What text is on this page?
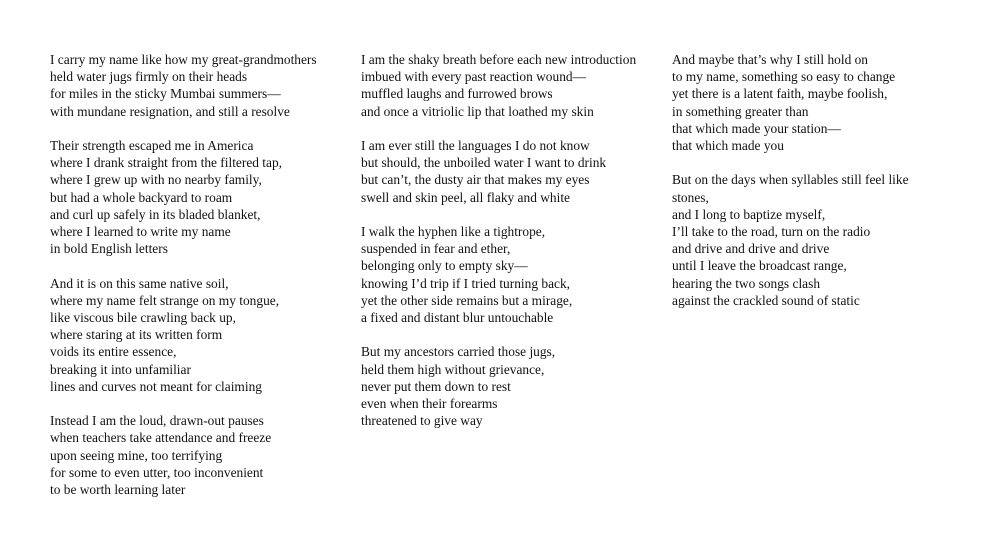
I carry my name like how my great-grandmothers
held water jugs firmly on their heads
for miles in the sticky Mumbai summers—
with mundane resignation, and still a resolve
Their strength escaped me in America
where I drank straight from the filtered tap,
where I grew up with no nearby family,
but had a whole backyard to roam
and curl up safely in its bladed blanket,
where I learned to write my name
in bold English letters
And it is on this same native soil,
where my name felt strange on my tongue,
like viscous bile crawling back up,
where staring at its written form
voids its entire essence,
breaking it into unfamiliar
lines and curves not meant for claiming
Instead I am the loud, drawn-out pauses
when teachers take attendance and freeze
upon seeing mine, too terrifying
for some to even utter, too inconvenient
to be worth learning later
I am the shaky breath before each new introduction
imbued with every past reaction wound—
muffled laughs and furrowed brows
and once a vitriolic lip that loathed my skin
I am ever still the languages I do not know
but should, the unboiled water I want to drink
but can’t, the dusty air that makes my eyes
swell and skin peel, all flaky and white
I walk the hyphen like a tightrope,
suspended in fear and ether,
belonging only to empty sky—
knowing I’d trip if I tried turning back,
yet the other side remains but a mirage,
a fixed and distant blur untouchable
But my ancestors carried those jugs,
held them high without grievance,
never put them down to rest
even when their forearms
threatened to give way
And maybe that’s why I still hold on
to my name, something so easy to change
yet there is a latent faith, maybe foolish,
in something greater than
that which made your station—
that which made you
But on the days when syllables still feel like
stones,
and I long to baptize myself,
I’ll take to the road, turn on the radio
and drive and drive and drive
until I leave the broadcast range,
hearing the two songs clash
against the crackled sound of static
